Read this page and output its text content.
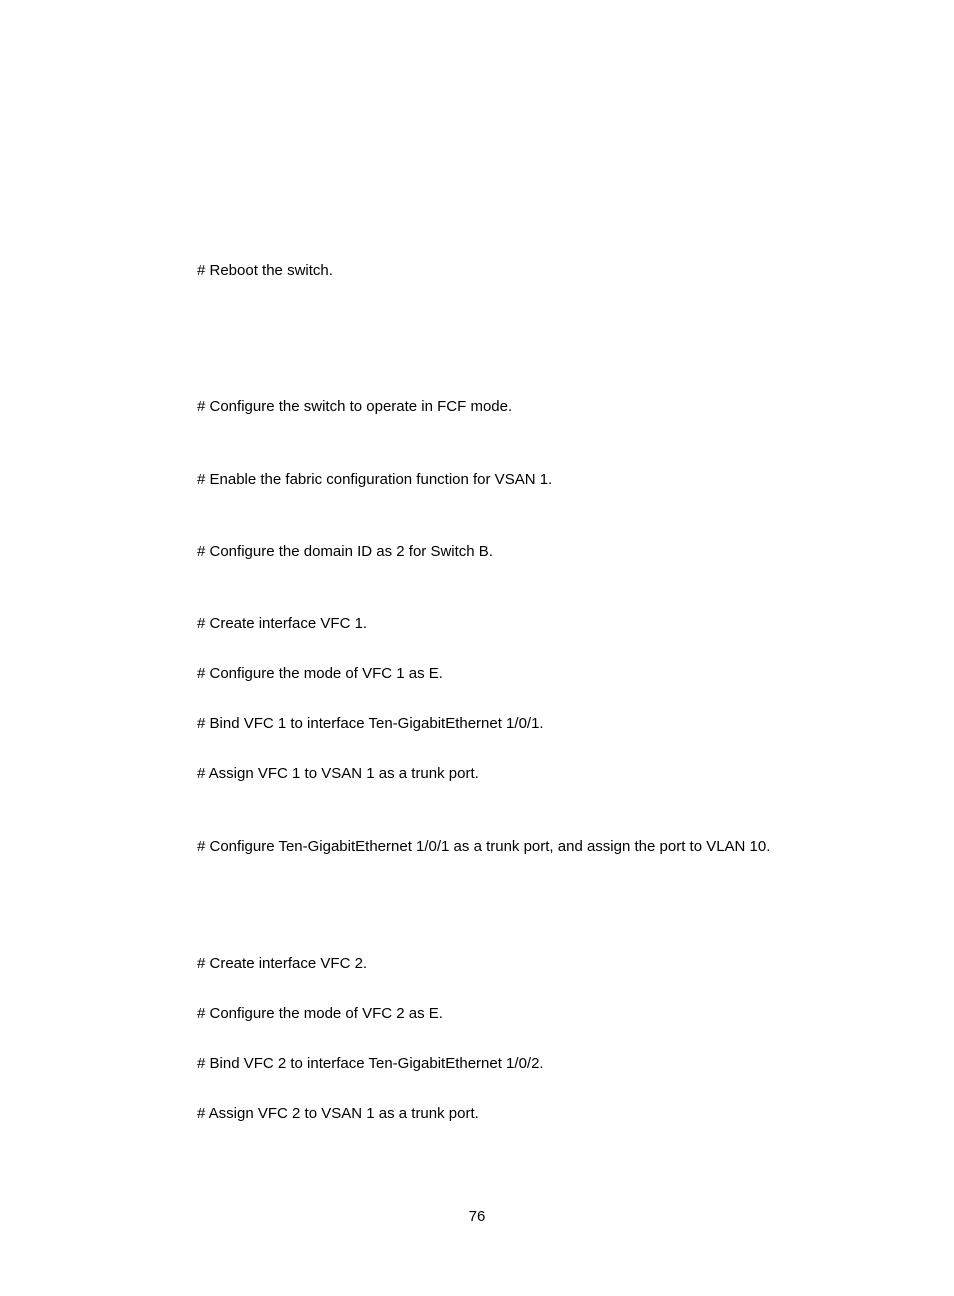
# Reboot the switch.

# Configure the switch to operate in FCF mode.

# Enable the fabric configuration function for VSAN 1.

# Configure the domain ID as 2 for Switch B.

# Create interface VFC 1.

# Configure the mode of VFC 1 as E.

# Bind VFC 1 to interface Ten-GigabitEthernet 1/0/1.

# Assign VFC 1 to VSAN 1 as a trunk port.

# Configure Ten-GigabitEthernet 1/0/1 as a trunk port, and assign the port to VLAN 10.

# Create interface VFC 2.

# Configure the mode of VFC 2 as E.

# Bind VFC 2 to interface Ten-GigabitEthernet 1/0/2.

# Assign VFC 2 to VSAN 1 as a trunk port.

76
